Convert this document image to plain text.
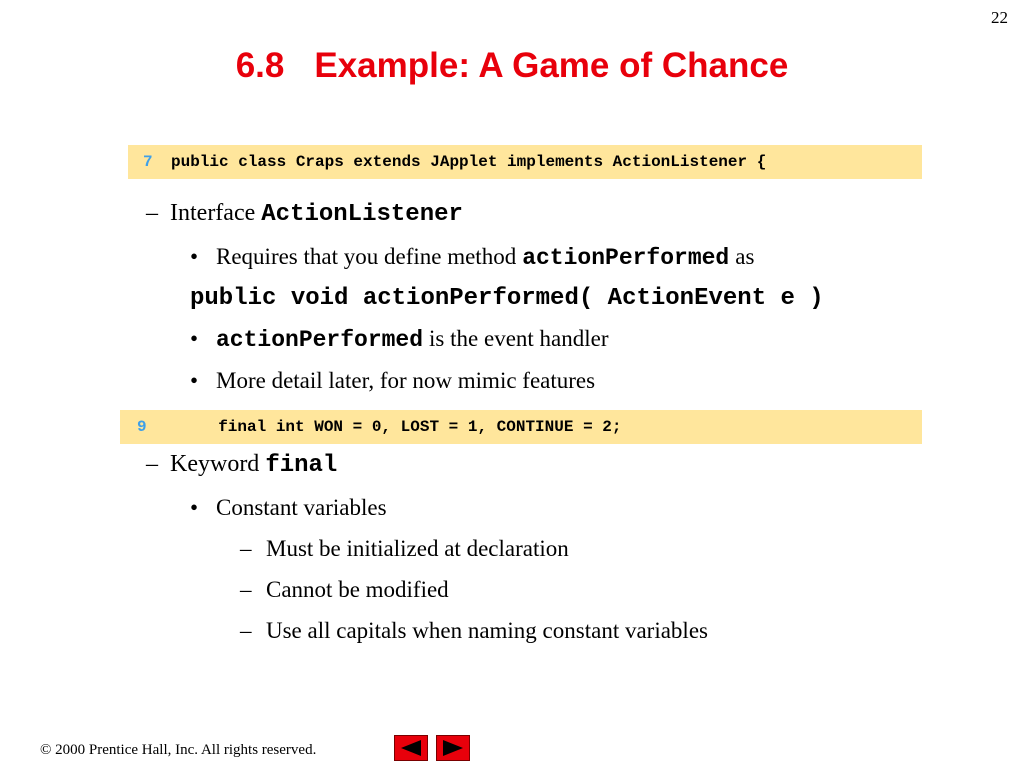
22
6.8 Example: A Game of Chance
7	public class Craps extends JApplet implements ActionListener {
– Interface ActionListener
• Requires that you define method actionPerformed as
public void actionPerformed( ActionEvent e )
• actionPerformed is the event handler
• More detail later, for now mimic features
9	final int WON = 0, LOST = 1, CONTINUE = 2;
– Keyword final
• Constant variables
– Must be initialized at declaration
– Cannot be modified
– Use all capitals when naming constant variables
© 2000 Prentice Hall, Inc. All rights reserved.
